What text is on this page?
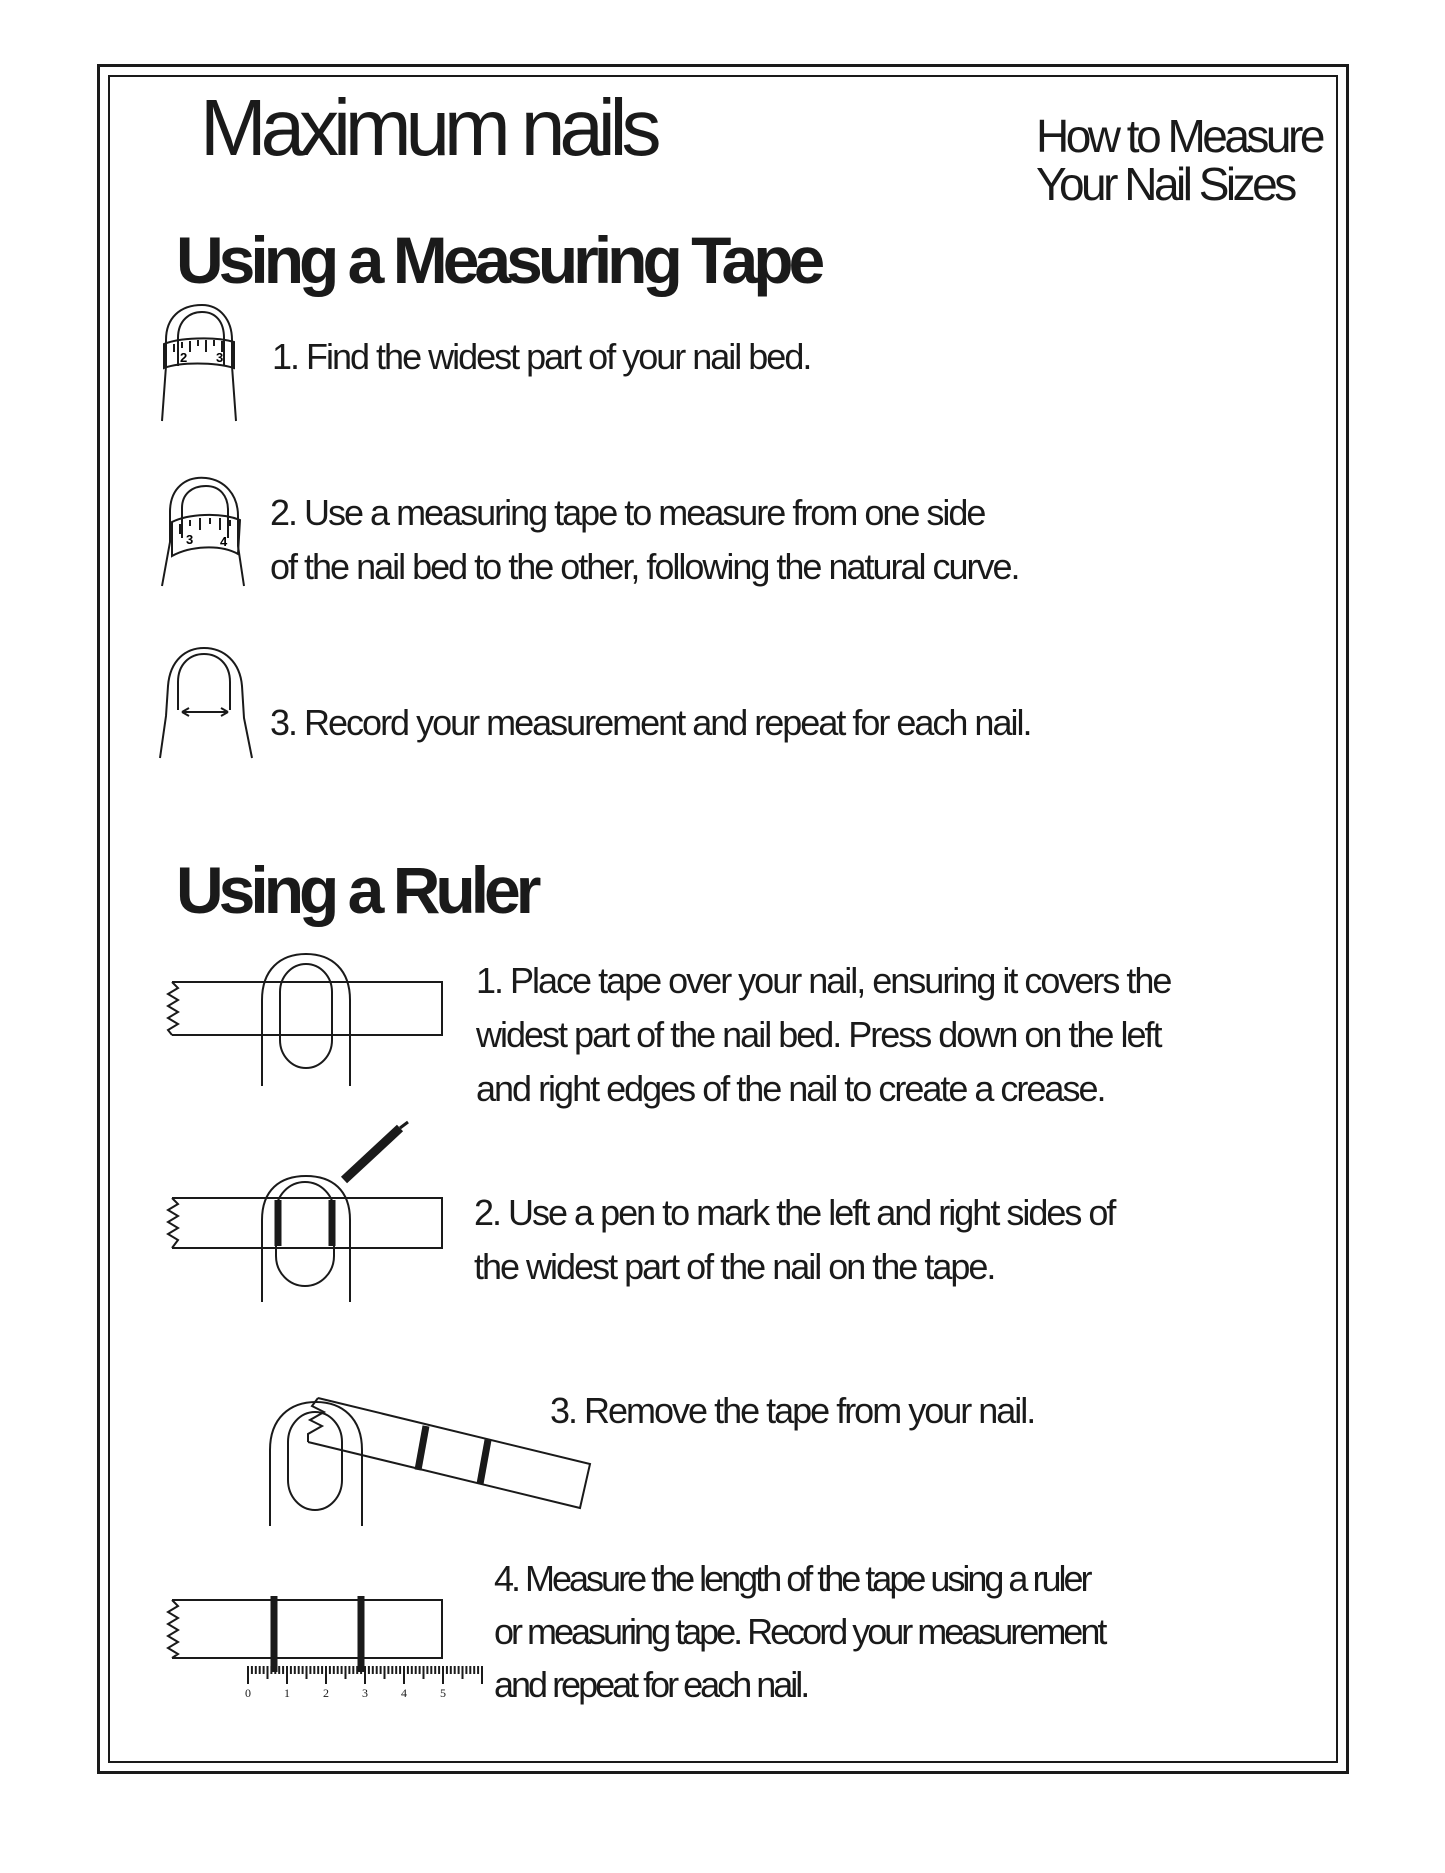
Maximum nails	How to Measure
Your Nail Sizes
Using a Measuring Tape
2 3 1. Find the widest part of your nail bed.
3 4
2. Use a measuring tape to measure from one side
of the nail bed to the other, following the natural curve.
3. Record your measurement and repeat for each nail.
Using a Ruler
1. Place tape over your nail, ensuring it covers the
widest part of the nail bed. Press down on the left
and right edges of the nail to create a crease.
2. Use a pen to mark the left and right sides of
the widest part of the nail on the tape.
3. Remove the tape from your nail.
0	1	2	3	4	5
4. Measure the length of the tape using a ruler
or measuring tape. Record your measurement
and repeat for each nail.
